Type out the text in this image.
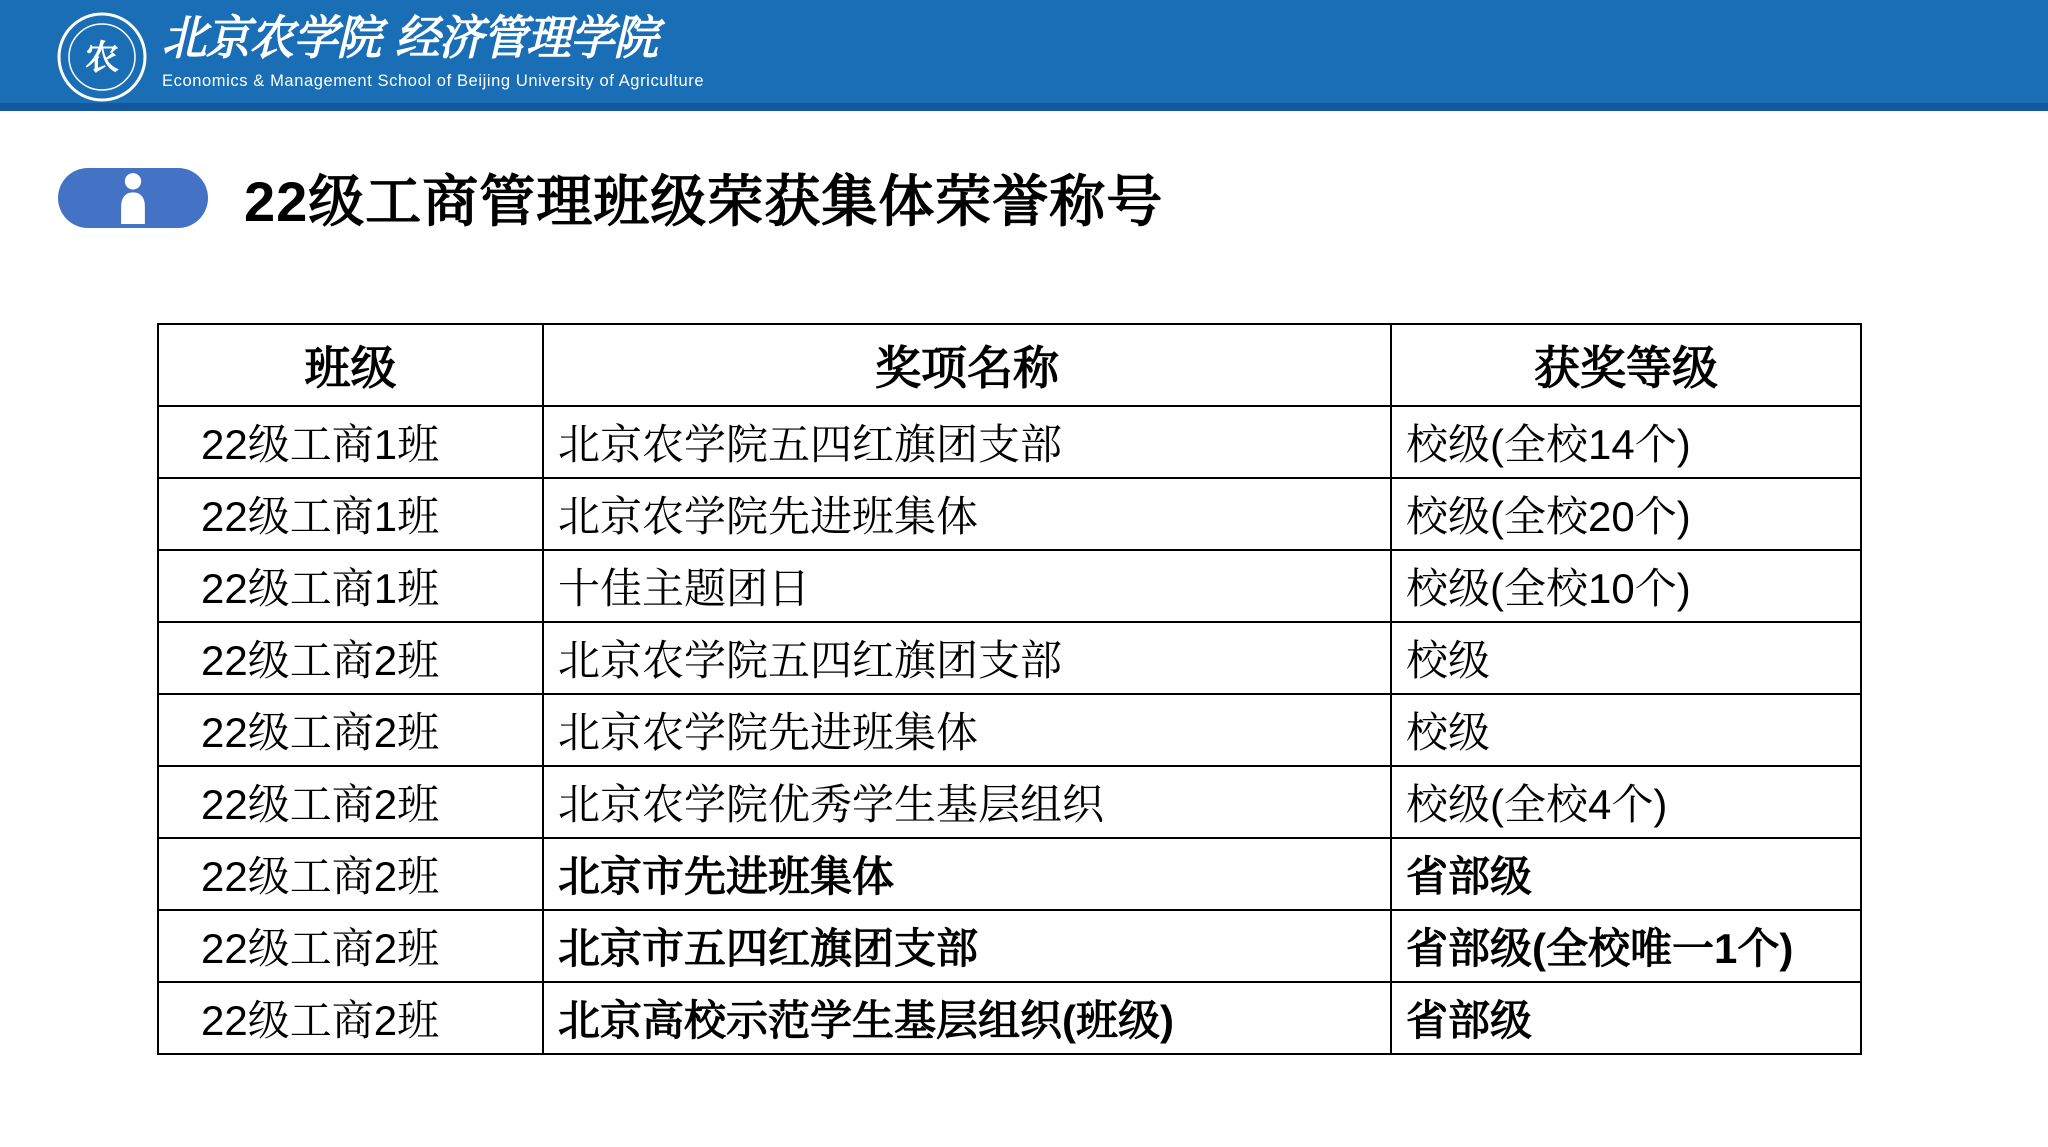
农 北京农学院 经济管理学院
Economics & Management School of Beijing University of Agriculture
22级工商管理班级荣获集体荣誉称号
班级	奖项名称	获奖等级
22级工商1班	北京农学院五四红旗团支部	校级(全校14个)
22级工商1班	北京农学院先进班集体	校级(全校20个)
22级工商1班	十佳主题团日	校级(全校10个)
22级工商2班	北京农学院五四红旗团支部	校级
22级工商2班	北京农学院先进班集体	校级
22级工商2班	北京农学院优秀学生基层组织	校级(全校4个)
22级工商2班	北京市先进班集体	省部级
22级工商2班	北京市五四红旗团支部	省部级(全校唯一1个)
22级工商2班	北京高校示范学生基层组织(班级)	省部级
